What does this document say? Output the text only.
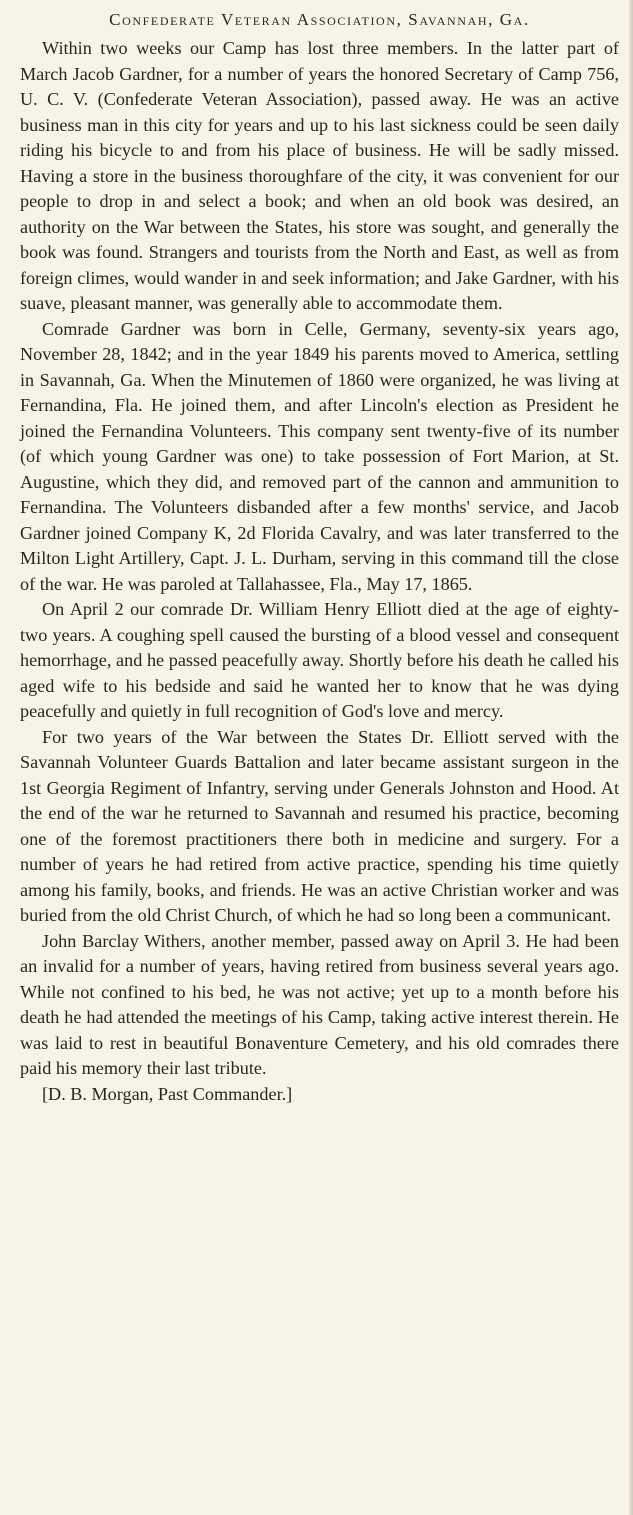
Confederate Veteran Association, Savannah, Ga.

Within two weeks our Camp has lost three members. In the latter part of March Jacob Gardner, for a number of years the honored Secretary of Camp 756, U. C. V. (Confederate Veteran Association), passed away. He was an active business man in this city for years and up to his last sickness could be seen daily riding his bicycle to and from his place of business. He will be sadly missed. Having a store in the business thoroughfare of the city, it was convenient for our people to drop in and select a book; and when an old book was desired, an authority on the War between the States, his store was sought, and generally the book was found. Strangers and tourists from the North and East, as well as from foreign climes, would wander in and seek information; and Jake Gardner, with his suave, pleasant manner, was generally able to accommodate them.

Comrade Gardner was born in Celle, Germany, seventy-six years ago, November 28, 1842; and in the year 1849 his parents moved to America, settling in Savannah, Ga. When the Minutemen of 1860 were organized, he was living at Fernandina, Fla. He joined them, and after Lincoln's election as President he joined the Fernandina Volunteers. This company sent twenty-five of its number (of which young Gardner was one) to take possession of Fort Marion, at St. Augustine, which they did, and removed part of the cannon and ammunition to Fernandina. The Volunteers disbanded after a few months' service, and Jacob Gardner joined Company K, 2d Florida Cavalry, and was later transferred to the Milton Light Artillery, Capt. J. L. Durham, serving in this command till the close of the war. He was paroled at Tallahassee, Fla., May 17, 1865.

On April 2 our comrade Dr. William Henry Elliott died at the age of eighty-two years. A coughing spell caused the bursting of a blood vessel and consequent hemorrhage, and he passed peacefully away. Shortly before his death he called his aged wife to his bedside and said he wanted her to know that he was dying peacefully and quietly in full recognition of God's love and mercy.

For two years of the War between the States Dr. Elliott served with the Savannah Volunteer Guards Battalion and later became assistant surgeon in the 1st Georgia Regiment of Infantry, serving under Generals Johnston and Hood. At the end of the war he returned to Savannah and resumed his practice, becoming one of the foremost practitioners there both in medicine and surgery. For a number of years he had retired from active practice, spending his time quietly among his family, books, and friends. He was an active Christian worker and was buried from the old Christ Church, of which he had so long been a communicant.

John Barclay Withers, another member, passed away on April 3. He had been an invalid for a number of years, having retired from business several years ago. While not confined to his bed, he was not active; yet up to a month before his death he had attended the meetings of his Camp, taking active interest therein. He was laid to rest in beautiful Bonaventure Cemetery, and his old comrades there paid his memory their last tribute.

[D. B. Morgan, Past Commander.]
